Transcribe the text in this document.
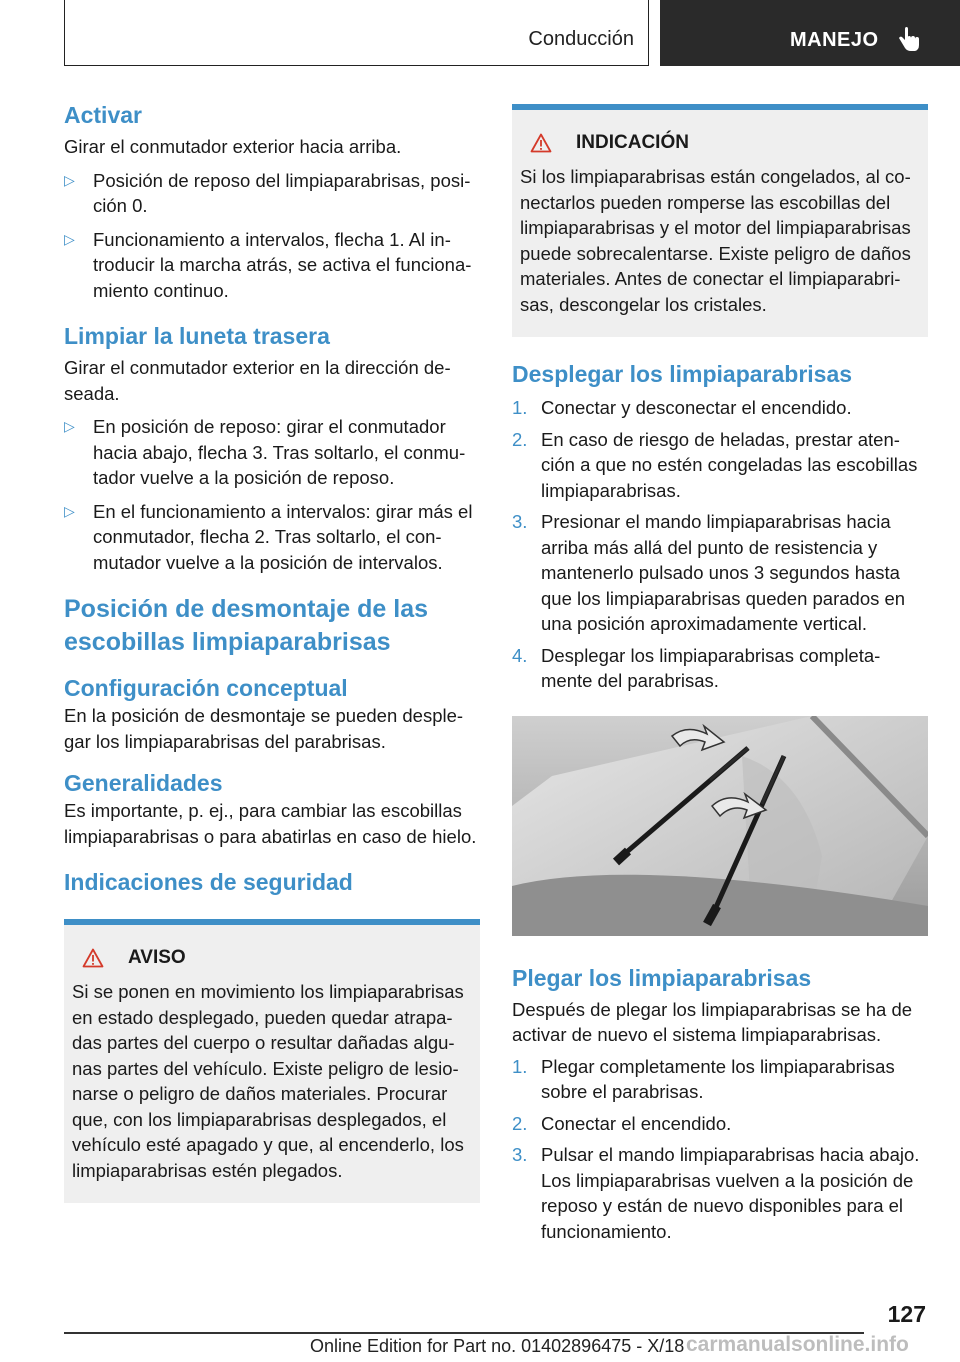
Conducción	MANEJO
Activar

Girar el conmutador exterior hacia arriba.

▷ Posición de reposo del limpiaparabrisas, posi‐ ción 0.
▷ Funcionamiento a intervalos, flecha 1. Al in‐ troducir la marcha atrás, se activa el funciona‐ miento continuo.
Limpiar la luneta trasera

Girar el conmutador exterior en la dirección de‐ seada.

▷ En posición de reposo: girar el conmutador hacia abajo, flecha 3. Tras soltarlo, el conmu‐ tador vuelve a la posición de reposo.
▷ En el funcionamiento a intervalos: girar más el conmutador, flecha 2. Tras soltarlo, el con‐ mutador vuelve a la posición de intervalos.
Posición de desmontaje de las escobillas limpiaparabrisas
Configuración conceptual

En la posición de desmontaje se pueden desple‐ gar los limpiaparabrisas del parabrisas.

Generalidades

Es importante, p. ej., para cambiar las escobillas limpiaparabrisas o para abatirlas en caso de hielo.

Indicaciones de seguridad
AVISO

Si se ponen en movimiento los limpiaparabrisas en estado desplegado, pueden quedar atrapa‐ das partes del cuerpo o resultar dañadas algu‐ nas partes del vehículo. Existe peligro de lesio‐ narse o peligro de daños materiales. Procurar que, con los limpiaparabrisas desplegados, el vehículo esté apagado y que, al encenderlo, los limpiaparabrisas estén plegados.

INDICACIÓN

Si los limpiaparabrisas están congelados, al co‐ nectarlos pueden romperse las escobillas del limpiaparabrisas y el motor del limpiaparabrisas puede sobrecalentarse. Existe peligro de daños materiales. Antes de conectar el limpiaparabri‐ sas, descongelar los cristales.

Desplegar los limpiaparabrisas
1. Conectar y desconectar el encendido.
2. En caso de riesgo de heladas, prestar aten‐ ción a que no estén congeladas las escobillas limpiaparabrisas.
3. Presionar el mando limpiaparabrisas hacia arriba más allá del punto de resistencia y mantenerlo pulsado unos 3 segundos hasta que los limpiaparabrisas queden parados en una posición aproximadamente vertical.
4. Desplegar los limpiaparabrisas completa‐ mente del parabrisas.
Plegar los limpiaparabrisas

Después de plegar los limpiaparabrisas se ha de activar de nuevo el sistema limpiaparabrisas.

1. Plegar completamente los limpiaparabrisas sobre el parabrisas.
2. Conectar el encendido.
3. Pulsar el mando limpiaparabrisas hacia abajo. Los limpiaparabrisas vuelven a la posición de reposo y están de nuevo disponibles para el funcionamiento.
127
Online Edition for Part no. 01402896475 - X/18 carmanualsonline.info
